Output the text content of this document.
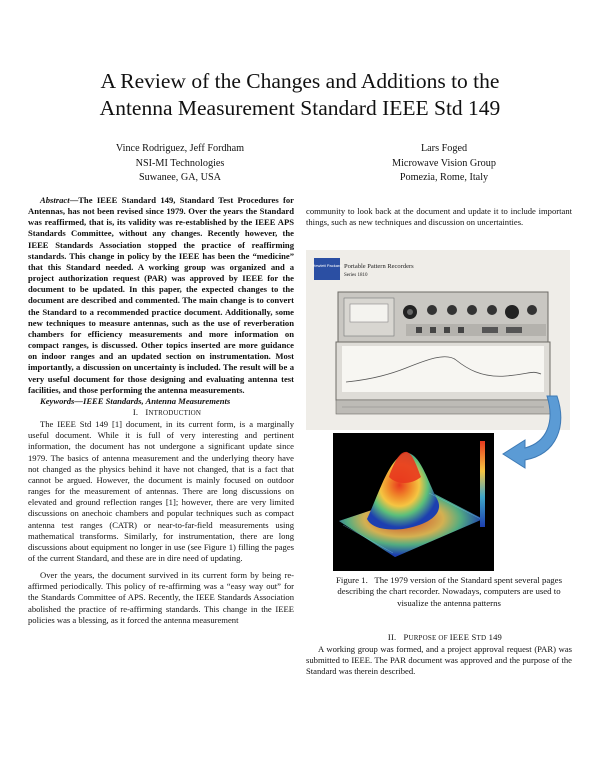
A Review of the Changes and Additions to the
Antenna Measurement Standard IEEE Std 149
Vince Rodriguez, Jeff Fordham
NSI-MI Technologies
Suwanee, GA, USA
Lars Foged
Microwave Vision Group
Pomezia, Rome, Italy

Abstract—The IEEE Standard 149, Standard Test Procedures for Antennas, has not been revised since 1979. Over the years the Standard was reaffirmed, that is, its validity was re-established by the IEEE APS Standards Committee, without any changes. Recently however, the IEEE Standards Association stopped the practice of reaffirming standards. This change in policy by the IEEE has been the “medicine” that this Standard needed. A working group was organized and a project authorization request (PAR) was approved by IEEE for the document to be updated. In this paper, the expected changes to the document are described and commented. The main change is to convert the Standard to a recommended practice document. Additionally, some new techniques to measure antennas, such as the use of reverberation chambers for efficiency measurements and more information on compact ranges, is discussed. Other topics inserted are more guidance on indoor ranges and an updated section on instrumentation. Most importantly, a discussion on uncertainty is included. The result will be a very useful document for those designing and evaluating antenna test facilities, and those performing the antenna measurements.

Keywords—IEEE Standards, Antenna Measurements

I. INTRODUCTION

The IEEE Std 149 [1] document, in its current form, is a marginally useful document. While it is full of very interesting and pertinent information, the document has not undergone a significant update since 1979. The basics of antenna measurement and the underlying theory have not changed as the physics behind it have not changed, that is a fact that cannot be argued. However, the document is mainly focused on outdoor ranges for the measurement of antennas. There are long discussions on elevated and ground reflection ranges [1]; however, there are very limited discussions on anechoic chambers and popular techniques such as compact antenna test ranges (CATR) or near-to-far-field measurements using mathematical transforms. Similarly, for instrumentation, there are long discussions about equipment no longer in use (see Figure 1) filling the pages of the current Standard, and these are in dire need of updating.

Over the years, the document survived in its current form by being re-affirmed periodically. This policy of re-affirming was a “easy way out” for the Standards Committee of APS. Recently, the IEEE Standards Association abolished the practice of re-affirming standards. This change in the IEEE policies was a blessing, as it forced the antenna measurement

community to look back at the document and update it to include important things, such as new techniques and discussion on uncertainties.

Hewlett Packard Portable Pattern Recorders
Series 1810
Figure 1. The 1979 version of the Standard spent several pages describing the chart recorder. Nowadays, computers are used to visualize the antenna patterns

II. PURPOSE OF IEEE STD 149

A working group was formed, and a project approval request (PAR) was submitted to IEEE. The PAR document was approved and the purpose of the Standard was therein described.
